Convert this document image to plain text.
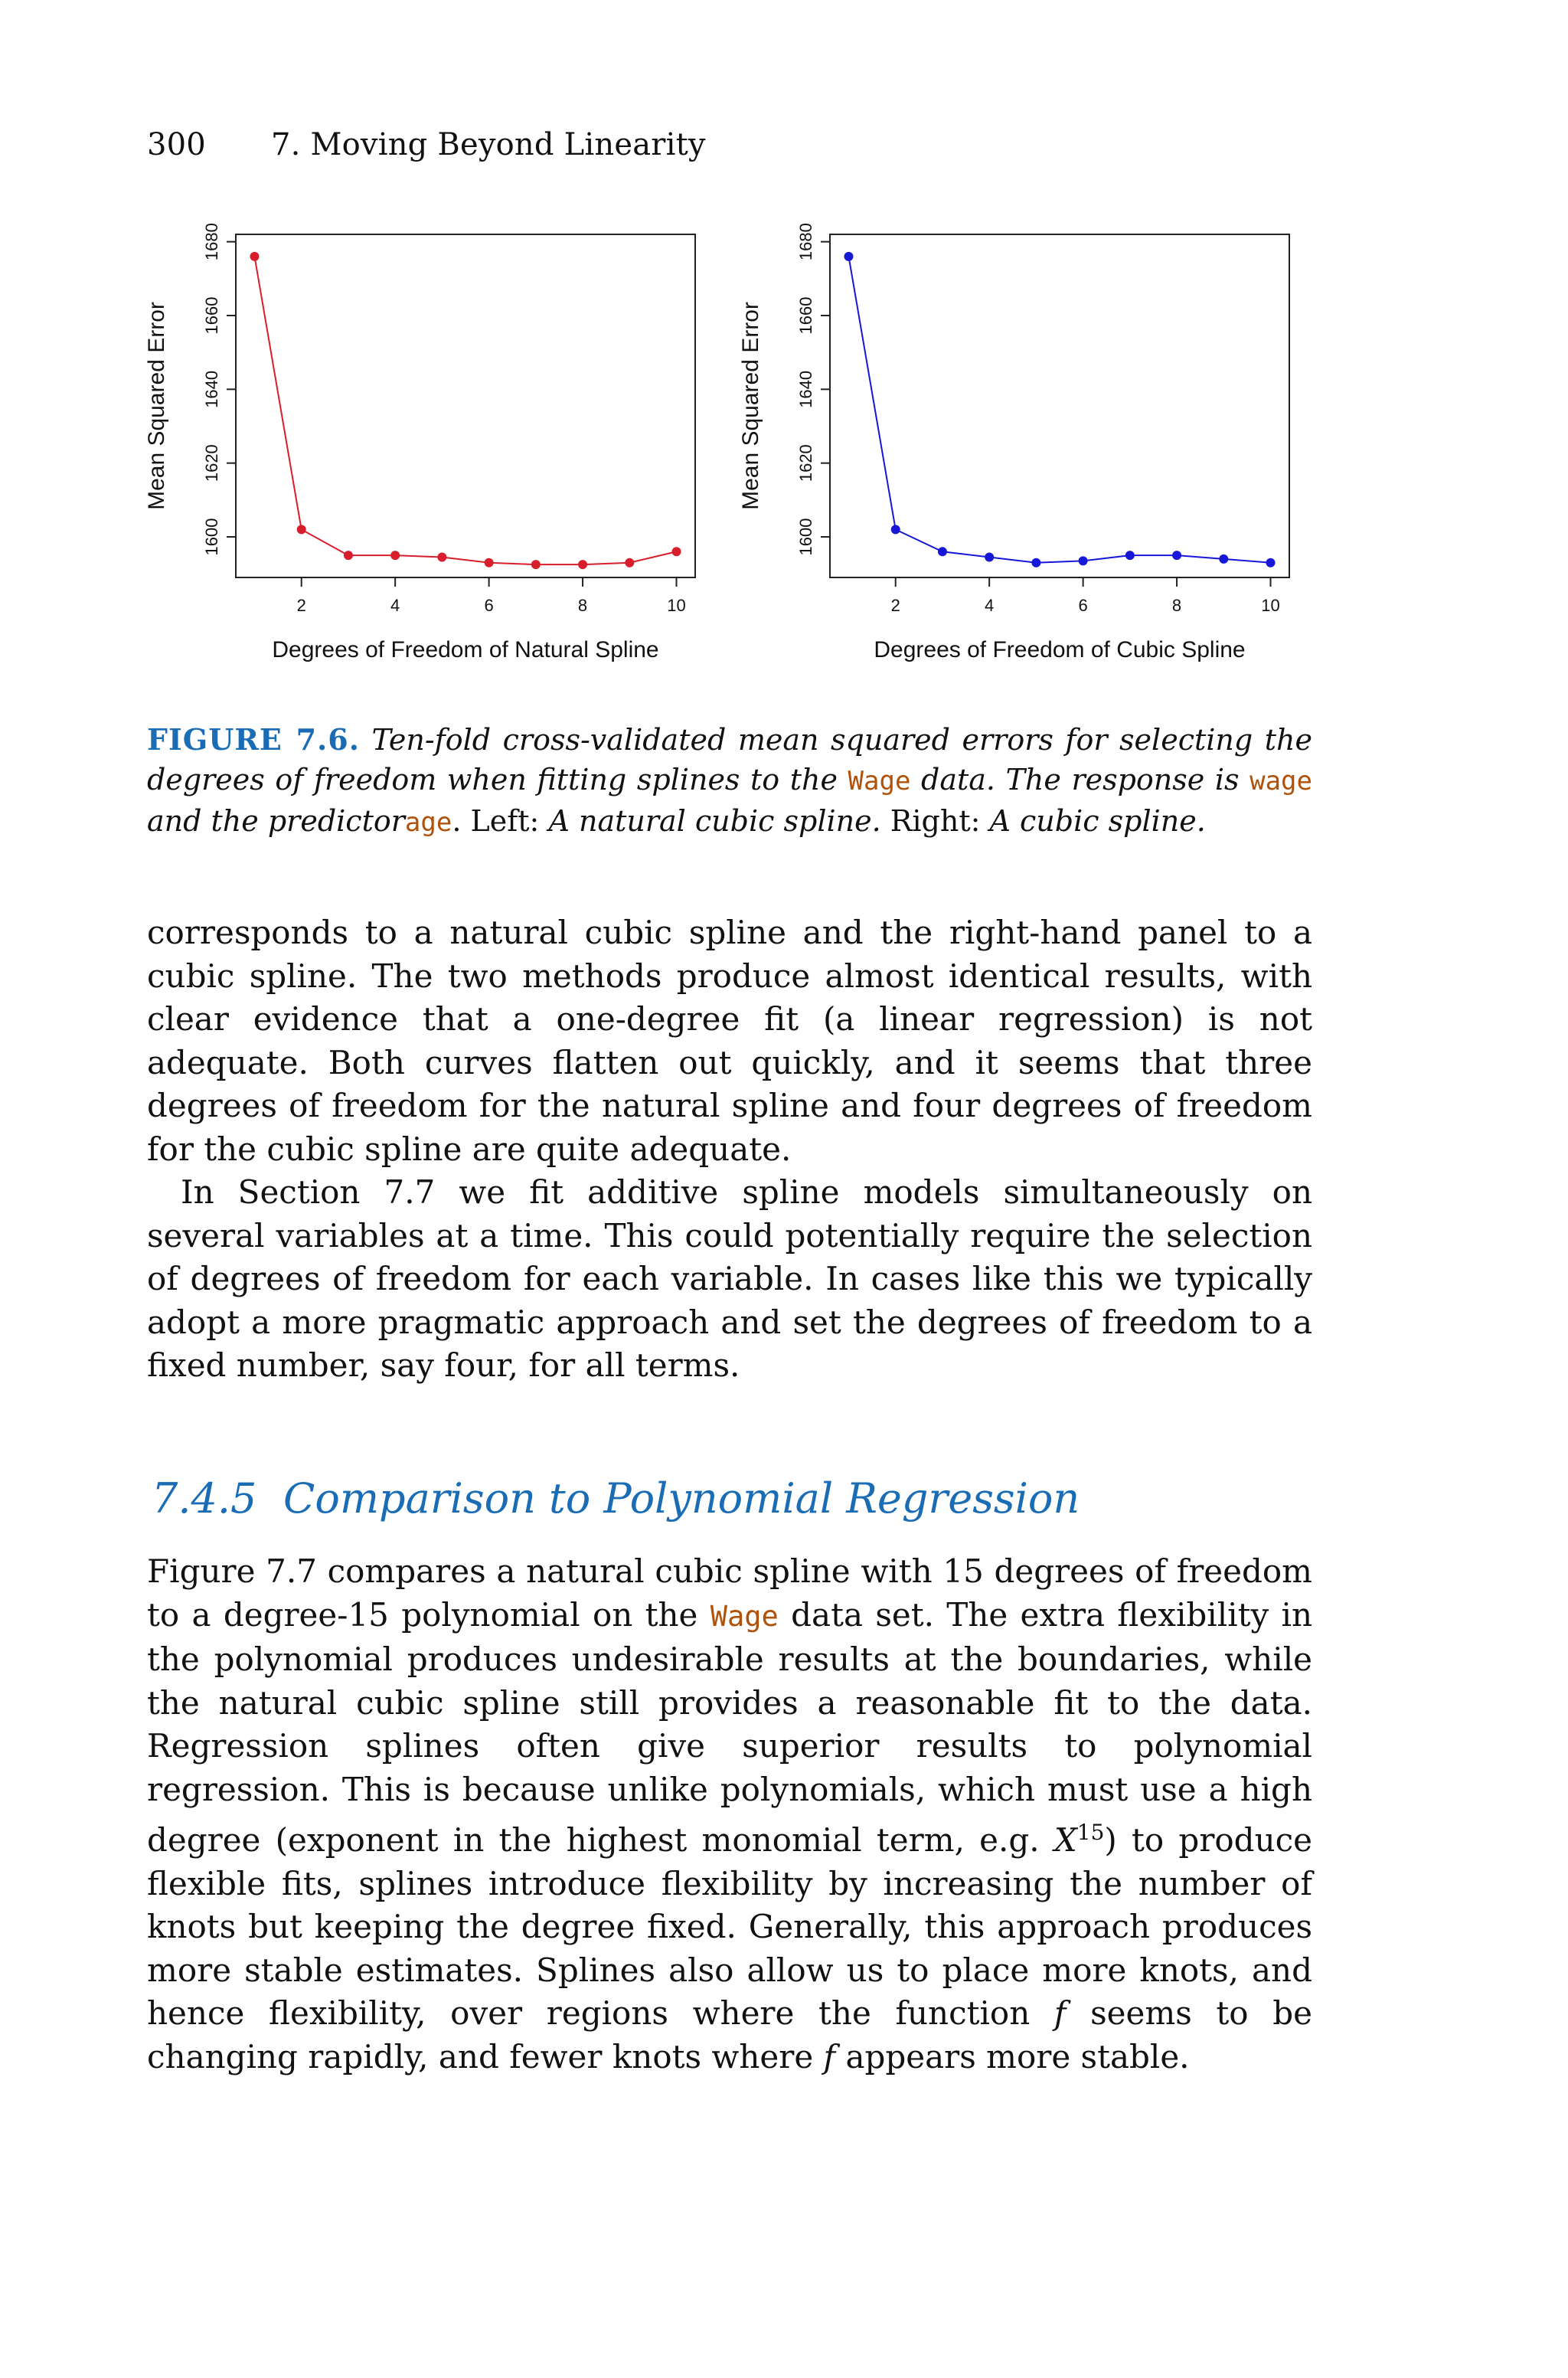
300 7. Moving Beyond Linearity
2	4	6	8	10
1600
1620
1640
1660
1680
Degrees of Freedom of Natural Spline
Mean Squared Error
2	4	6	8	10
1600
1620
1640
1660
1680
Degrees of Freedom of Cubic Spline
Mean Squared Error
FIGURE 7.6. Ten-fold cross-validated mean squared errors for selecting the degrees of freedom when fitting splines to the Wage data. The response is wage and the predictorage. Left: A natural cubic spline. Right: A cubic spline.

corresponds to a natural cubic spline and the right-hand panel to a cubic spline. The two methods produce almost identical results, with clear evidence that a one-degree fit (a linear regression) is not adequate. Both curves flatten out quickly, and it seems that three degrees of freedom for the natural spline and four degrees of freedom for the cubic spline are quite adequate.

In Section 7.7 we fit additive spline models simultaneously on several variables at a time. This could potentially require the selection of degrees of freedom for each variable. In cases like this we typically adopt a more pragmatic approach and set the degrees of freedom to a fixed number, say four, for all terms.

7.4.5 Comparison to Polynomial Regression

Figure 7.7 compares a natural cubic spline with 15 degrees of freedom to a degree-15 polynomial on the Wage data set. The extra flexibility in the polynomial produces undesirable results at the boundaries, while the natural cubic spline still provides a reasonable fit to the data. Regression splines often give superior results to polynomial regression. This is because unlike polynomials, which must use a high degree (exponent in the highest monomial term, e.g. $X^{15}$) to produce flexible fits, splines introduce flexibility by increasing the number of knots but keeping the degree fixed. Generally, this approach produces more stable estimates. Splines also allow us to place more knots, and hence flexibility, over regions where the function f seems to be changing rapidly, and fewer knots where f appears more stable.
